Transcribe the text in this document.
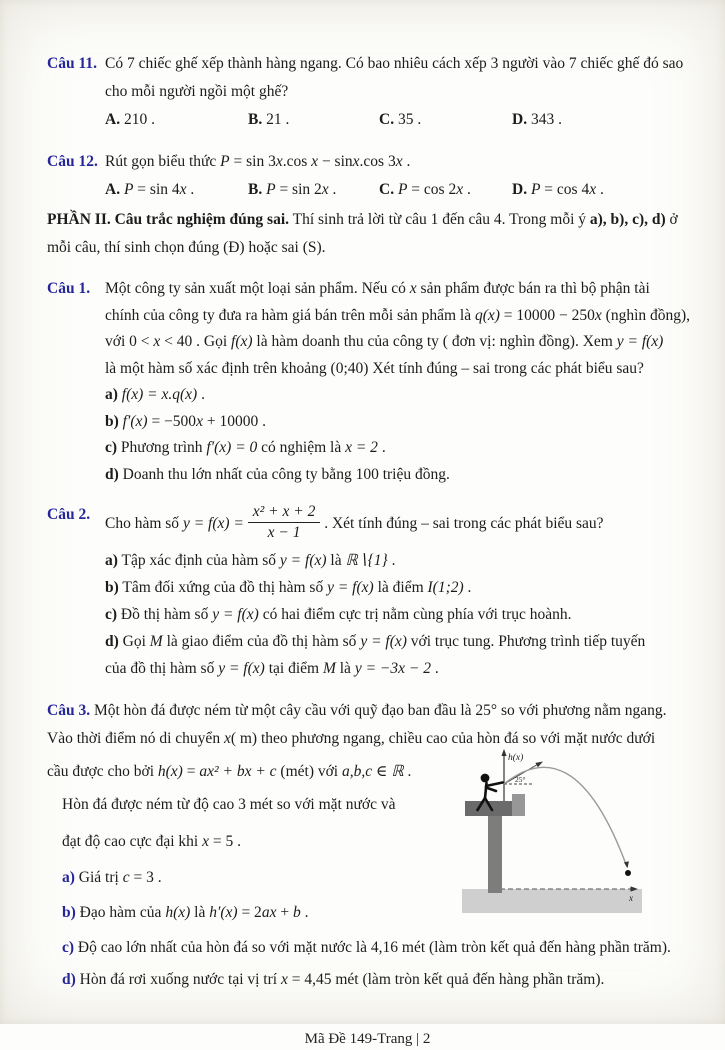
Câu 11. Có 7 chiếc ghế xếp thành hàng ngang. Có bao nhiêu cách xếp 3 người vào 7 chiếc ghế đó sao

cho mỗi người ngồi một ghế?

A. 210 .	B. 21 .	C. 35 .	D. 343 .
Câu 12. Rút gọn biểu thức P = sin 3x.cos x − sinx.cos 3x .

A. P = sin 4x .	B. P = sin 2x .	C. P = cos 2x .	D. P = cos 4x .

PHẦN II. Câu trắc nghiệm đúng sai. Thí sinh trả lời từ câu 1 đến câu 4. Trong mỗi ý a), b), c), d) ở

mỗi câu, thí sinh chọn đúng (Đ) hoặc sai (S).

Câu 1. Một công ty sản xuất một loại sản phẩm. Nếu có x sản phẩm được bán ra thì bộ phận tài

chính của công ty đưa ra hàm giá bán trên mỗi sản phẩm là q(x) = 10000 − 250x (nghìn đồng),

với 0 < x < 40 . Gọi f(x) là hàm doanh thu của công ty ( đơn vị: nghìn đồng). Xem y = f(x)

là một hàm số xác định trên khoảng (0;40) Xét tính đúng – sai trong các phát biểu sau?

a) f(x) = x.q(x) .

b) f′(x) = −500x + 10000 .

c) Phương trình f′(x) = 0 có nghiệm là x = 2 .

d) Doanh thu lớn nhất của công ty bằng 100 triệu đồng.

Câu 2.

Cho hàm số $y = f(x) = \frac{\text{x² + x + 2}}{x - 1}$ . Xét tính đúng – sai trong các phát biểu sau?

a) Tập xác định của hàm số y = f(x) là ℝ∖{1} .

b) Tâm đối xứng của đồ thị hàm số y = f(x) là điểm I(1;2) .

c) Đồ thị hàm số y = f(x) có hai điểm cực trị nằm cùng phía với trục hoành.

d) Gọi M là giao điểm của đồ thị hàm số y = f(x) với trục tung. Phương trình tiếp tuyến

của đồ thị hàm số y = f(x) tại điểm M là y = −3x − 2 .

Câu 3. Một hòn đá được ném từ một cây cầu với quỹ đạo ban đầu là 25° so với phương nằm ngang.

Vào thời điểm nó di chuyển x( m) theo phương ngang, chiều cao của hòn đá so với mặt nước dưới

x
h(x)
25°

cầu được cho bởi h(x) = ax² + bx + c (mét) với a,b,c ∈ ℝ .

Hòn đá được ném từ độ cao 3 mét so với mặt nước và

đạt độ cao cực đại khi x = 5 .

a) Giá trị c = 3 .

b) Đạo hàm của h(x) là h′(x) = 2ax + b .

c) Độ cao lớn nhất của hòn đá so với mặt nước là 4,16 mét (làm tròn kết quả đến hàng phần trăm).

d) Hòn đá rơi xuống nước tại vị trí x = 4,45 mét (làm tròn kết quả đến hàng phần trăm).

Mã Đề 149-Trang | 2
